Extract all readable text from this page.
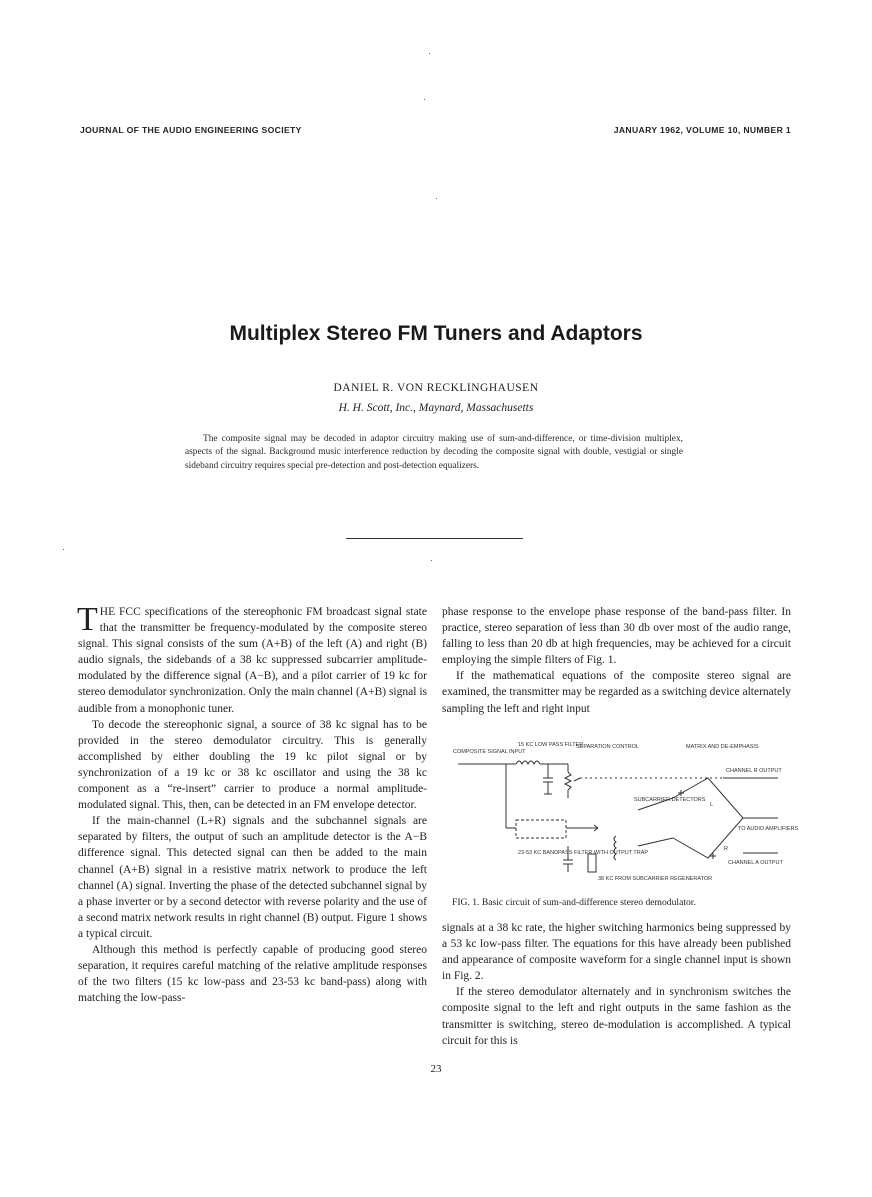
JOURNAL OF THE AUDIO ENGINEERING SOCIETY	JANUARY 1962, VOLUME 10, NUMBER 1
Multiplex Stereo FM Tuners and Adaptors
DANIEL R. VON RECKLINGHAUSEN
H. H. Scott, Inc., Maynard, Massachusetts

The composite signal may be decoded in adaptor circuitry making use of sum-and-difference, or time-division multiplex, aspects of the signal. Background music interference reduction by decoding the composite signal with double, vestigial or single sideband circuitry requires special pre-detection and post-detection equalizers.

THE FCC specifications of the stereophonic FM broadcast signal state that the transmitter be frequency-modulated by the composite stereo signal. This signal consists of the sum (A+B) of the left (A) and right (B) audio signals, the sidebands of a 38 kc suppressed subcarrier amplitude-modulated by the difference signal (A−B), and a pilot carrier of 19 kc for stereo demodulator synchronization. Only the main channel (A+B) signal is audible from a monophonic tuner.

To decode the stereophonic signal, a source of 38 kc signal has to be provided in the stereo demodulator circuitry. This is generally accomplished by either doubling the 19 kc pilot signal or by synchronization of a 19 kc or 38 kc oscillator and using the 38 kc component as a “re-insert” carrier to produce a normal amplitude-modulated signal. This, then, can be detected in an FM envelope detector.

If the main-channel (L+R) signals and the subchannel signals are separated by filters, the output of such an amplitude detector is the A−B difference signal. This detected signal can then be added to the main channel (A+B) signal in a resistive matrix network to produce the left channel (A) signal. Inverting the phase of the detected subchannel signal by a phase inverter or by a second detector with reverse polarity and the use of a second matrix network results in right channel (B) output. Figure 1 shows a typical circuit.

Although this method is perfectly capable of producing good stereo separation, it requires careful matching of the relative amplitude responses of the two filters (15 kc low-pass and 23-53 kc band-pass) along with matching the low-pass-

phase response to the envelope phase response of the band-pass filter. In practice, stereo separation of less than 30 db over most of the audio range, falling to less than 20 db at high frequencies, may be achieved for a circuit employing the simple filters of Fig. 1.

If the mathematical equations of the composite stereo signal are examined, the transmitter may be regarded as a switching device alternately sampling the left and right input

COMPOSITE SIGNAL INPUT
15 KC LOW PASS FILTER
SEPARATION CONTROL	MATRIX AND DE-EMPHASIS
CHANNEL R OUTPUT
SUBCARRIER DETECTORS
23-53 KC BANDPASS FILTER WITH OUTPUT TRAP
38 KC FROM SUBCARRIER REGENERATOR
TO AUDIO AMPLIFIERS
CHANNEL A OUTPUT
L
R
FIG. 1. Basic circuit of sum-and-difference stereo demodulator.

signals at a 38 kc rate, the higher switching harmonics being suppressed by a 53 kc low-pass filter. The equations for this have already been published and appearance of composite waveform for a single channel input is shown in Fig. 2.

If the stereo demodulator alternately and in synchronism switches the composite signal to the left and right outputs in the same fashion as the transmitter is switching, stereo de-modulation is accomplished. A typical circuit for this is

23
